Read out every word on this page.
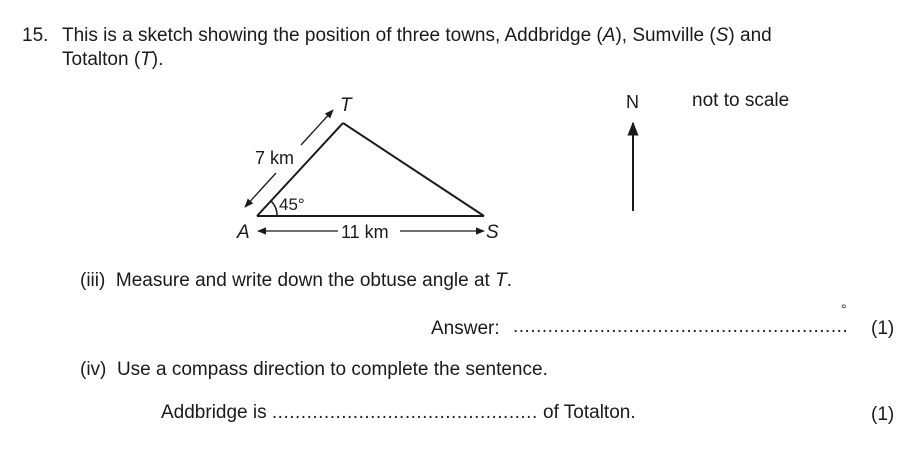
15. This is a sketch showing the position of three towns, Addbridge (A), Sumville (S) and
Totalton (T).
T
A	S
7 km
11 km
45°
N	not to scale
(iii) Measure and write down the obtuse angle at T.
Answer: ..........................................................
°
(1)
(iv) Use a compass direction to complete the sentence.
Addbridge is .............................................. of Totalton.	(1)
